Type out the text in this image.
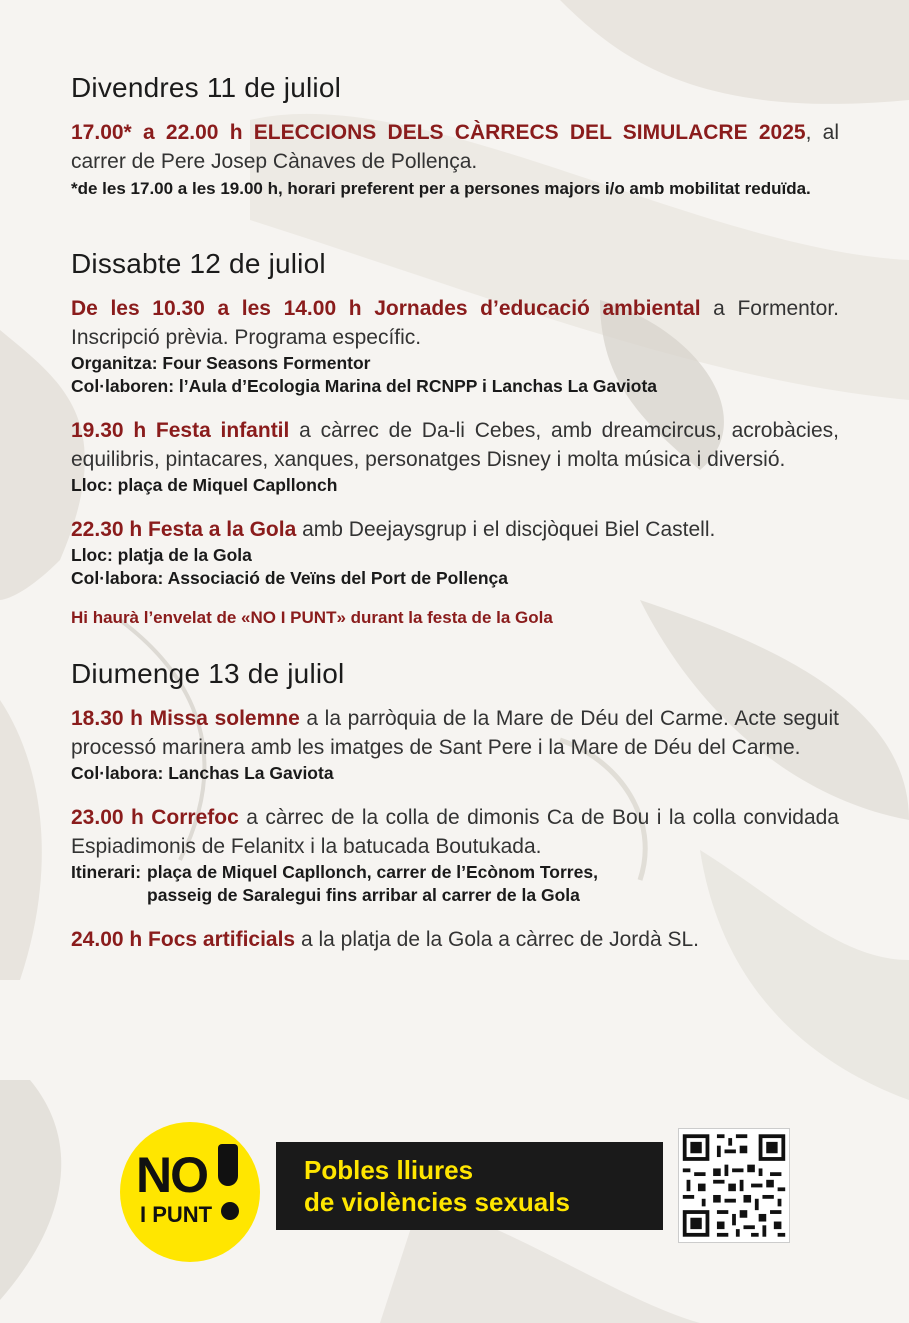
Divendres 11 de juliol
17.00* a 22.00 h ELECCIONS DELS CÀRRECS DEL SIMULACRE 2025, al carrer de Pere Josep Cànaves de Pollença.
*de les 17.00 a les 19.00 h, horari preferent per a persones majors i/o amb mobilitat reduïda.
Dissabte 12 de juliol
De les 10.30 a les 14.00 h Jornades d’educació ambiental a Formentor. Inscripció prèvia. Programa específic.
Organitza: Four Seasons Formentor
Col·laboren: l’Aula d’Ecologia Marina del RCNPP i Lanchas La Gaviota
19.30 h Festa infantil a càrrec de Da-li Cebes, amb dreamcircus, acrobàcies, equilibris, pintacares, xanques, personatges Disney i molta música i diversió.
Lloc: plaça de Miquel Capllonch
22.30 h Festa a la Gola amb Deejaysgrup i el discjòquei Biel Castell.
Lloc: platja de la Gola
Col·labora: Associació de Veïns del Port de Pollença
Hi haurà l’envelat de «NO I PUNT» durant la festa de la Gola
Diumenge 13 de juliol
18.30 h Missa solemne a la parròquia de la Mare de Déu del Carme. Acte seguit processó marinera amb les imatges de Sant Pere i la Mare de Déu del Carme.
Col·labora: Lanchas La Gaviota
23.00 h Correfoc a càrrec de la colla de dimonis Ca de Bou i la colla convidada Espiadimonis de Felanitx i la batucada Boutukada.
Itinerari: plaça de Miquel Capllonch, carrer de l’Ecònom Torres,
passeig de Saralegui fins arribar al carrer de la Gola
24.00 h Focs artificials a la platja de la Gola a càrrec de Jordà SL.
NO
I PUNT
Pobles lliures
de violències sexuals
